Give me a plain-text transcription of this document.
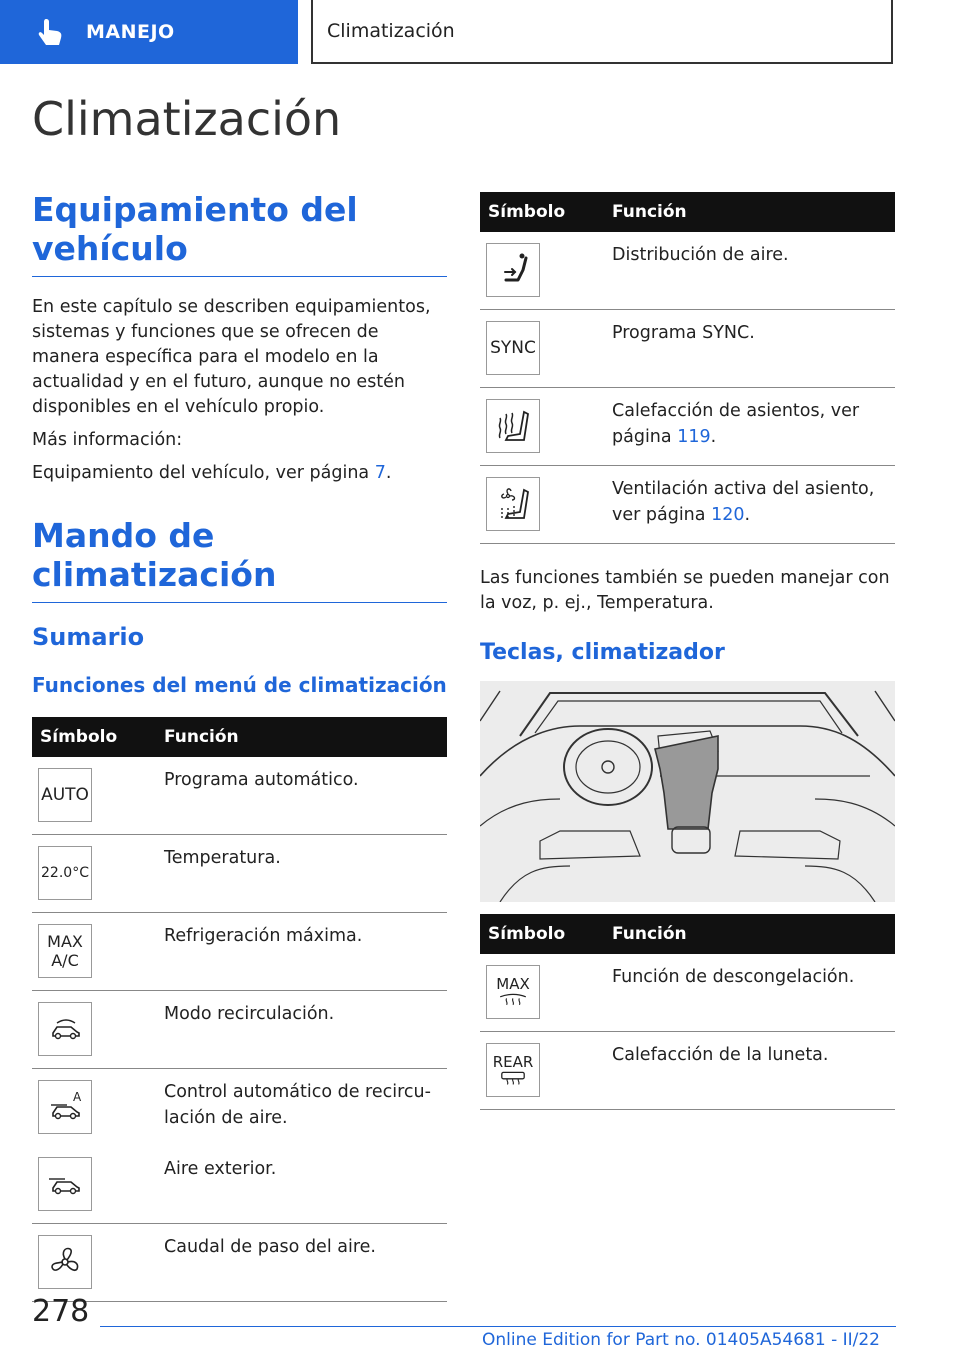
MANEJO	Climatización
Climatización
Equipamiento del vehículo

En este capítulo se describen equipamientos, sistemas y funciones que se ofrecen de manera específica para el modelo en la actualidad y en el futuro, aunque no estén disponibles en el vehículo propio.

Más información:

Equipamiento del vehículo, ver página 7.

Mando de climatización
Sumario
Funciones del menú de climatización
Símbolo	Función

AUTO	Programa automático.

22.0°C	Temperatura.

MAX
A/C	Refrigeración máxima.

	Modo recirculación.

A	Control automático de recircu-lación de aire.

	Aire exterior.

	Caudal de paso del aire.
Símbolo	Función

	Distribución de aire.

SYNC	Programa SYNC.

	Calefacción de asientos, ver página 119.

	Ventilación activa del asiento, ver página 120.

Las funciones también se pueden manejar con la voz, p. ej., Temperatura.

Teclas, climatizador
Símbolo	Función

MAX	Función de descongelación.

REAR	Calefacción de la luneta.
278
Online Edition for Part no. 01405A54681 - II/22
